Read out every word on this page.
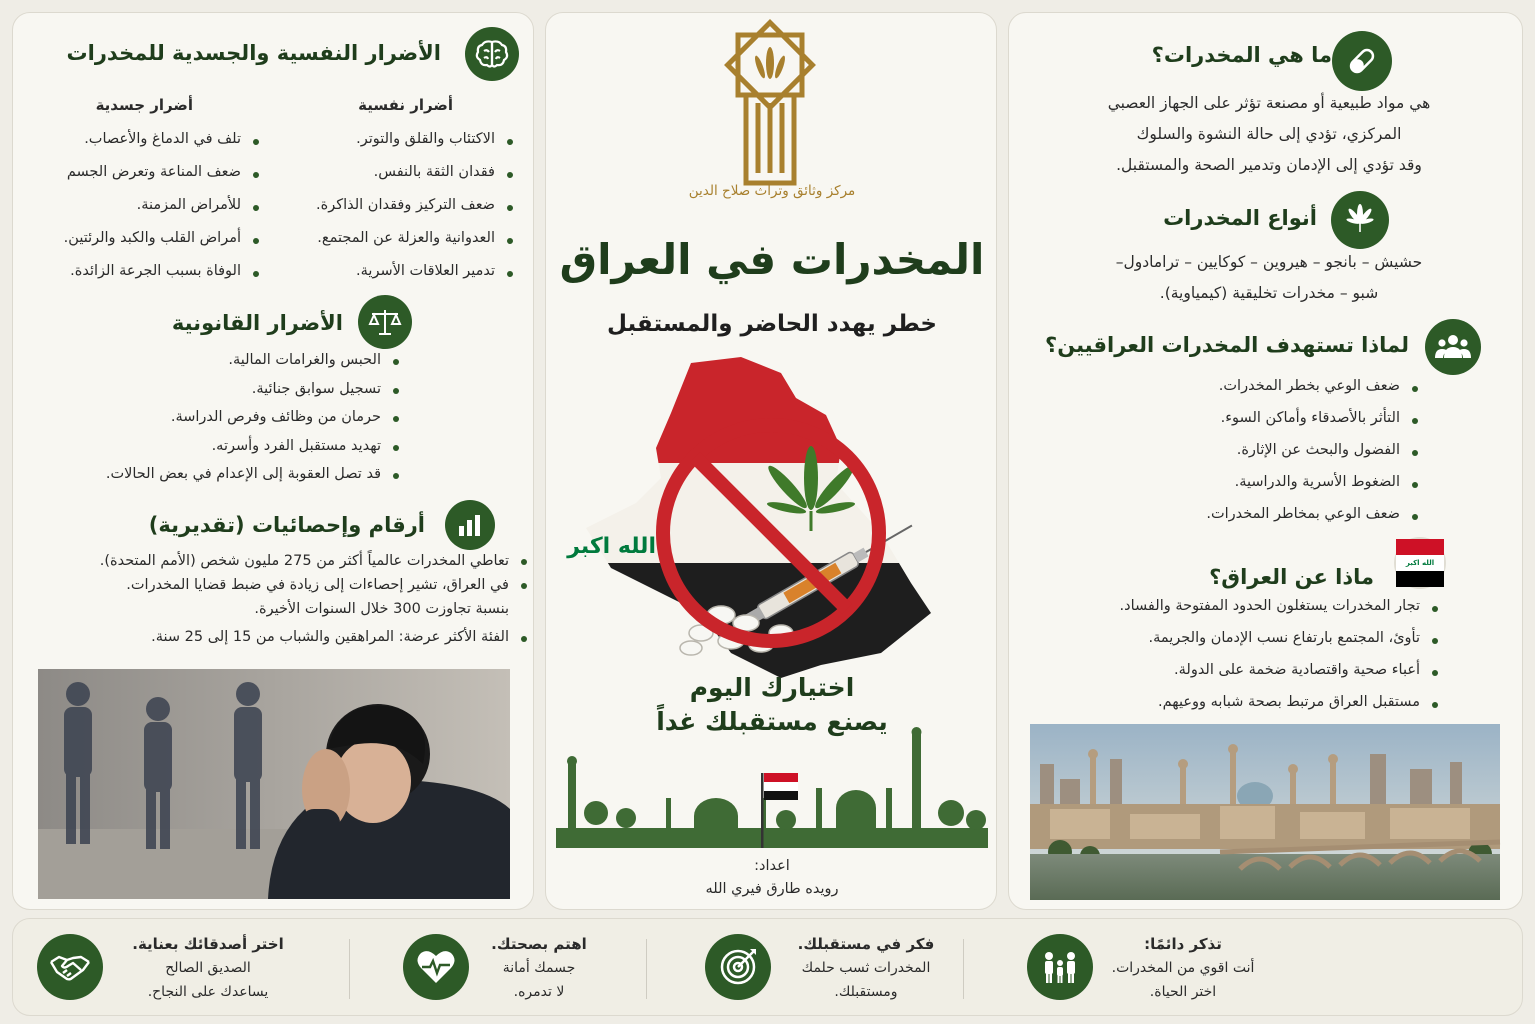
ما هي المخدرات؟
هي مواد طبيعية أو مصنعة تؤثر على الجهاز العصبي
المركزي، تؤدي إلى حالة النشوة والسلوك
وقد تؤدي إلى الإدمان وتدمير الصحة والمستقبل.
أنواع المخدرات
حشيش – بانجو – هيروين – كوكايين – ترامادول–
شبو – مخدرات تخليقية (كيمياوية).
لماذا تستهدف المخدرات العراقيين؟
ضعف الوعي بخطر المخدرات.
التأثر بالأصدقاء وأماكن السوء.
الفضول والبحث عن الإثارة.
الضغوط الأسرية والدراسية.
ضعف الوعي بمخاطر المخدرات.
الله اكبر
ماذا عن العراق؟
تجار المخدرات يستغلون الحدود المفتوحة والفساد.
تأوئ، المجتمع بارتفاع نسب الإدمان والجريمة.
أعباء صحية واقتصادية ضخمة على الدولة.
مستقبل العراق مرتبط بصحة شبابه ووعيهم.
مركز وثائق وتراث صلاح الدين
المخدرات في العراق
خطر يهدد الحاضر والمستقبل
الله اكبر
اختيارك اليوم
يصنع مستقبلك غداً
اعداد:
رويده طارق فيري الله
الأضرار النفسية والجسدية للمخدرات
أضرار نفسية
الاكتئاب والقلق والتوتر.
فقدان الثقة بالنفس.
ضعف التركيز وفقدان الذاكرة.
العدوانية والعزلة عن المجتمع.
تدمير العلاقات الأسرية.
أضرار جسدية
تلف في الدماغ والأعصاب.
ضعف المناعة وتعرض الجسم
للأمراض المزمنة.
أمراض القلب والكبد والرئتين.
الوفاة بسبب الجرعة الزائدة.
الأضرار القانونية
الحبس والغرامات المالية.
تسجيل سوابق جنائية.
حرمان من وظائف وفرص الدراسة.
تهديد مستقبل الفرد وأسرته.
قد تصل العقوبة إلى الإعدام في بعض الحالات.
أرقام وإحصائيات (تقديرية)
تعاطي المخدرات عالمياً أكثر من 275 مليون شخص (الأمم المتحدة).
في العراق، تشير إحصاءات إلى زيادة في ضبط قضايا المخدرات.
بنسبة تجاوزت 300 خلال السنوات الأخيرة.
الفئة الأكثر عرضة: المراهقين والشباب من 15 إلى 25 سنة.
تذكر دائمًا:
أنت اقوي من المخدرات.
اختر الحياة.
فكر في مستقبلك.
المخدرات ثسب حلمك
ومستقبلك.
اهتم بصحتك.
جسمك أمانة
لا تدمره.
اختر أصدقائك بعناية.
الصديق الصالح
يساعدك على النجاح.
